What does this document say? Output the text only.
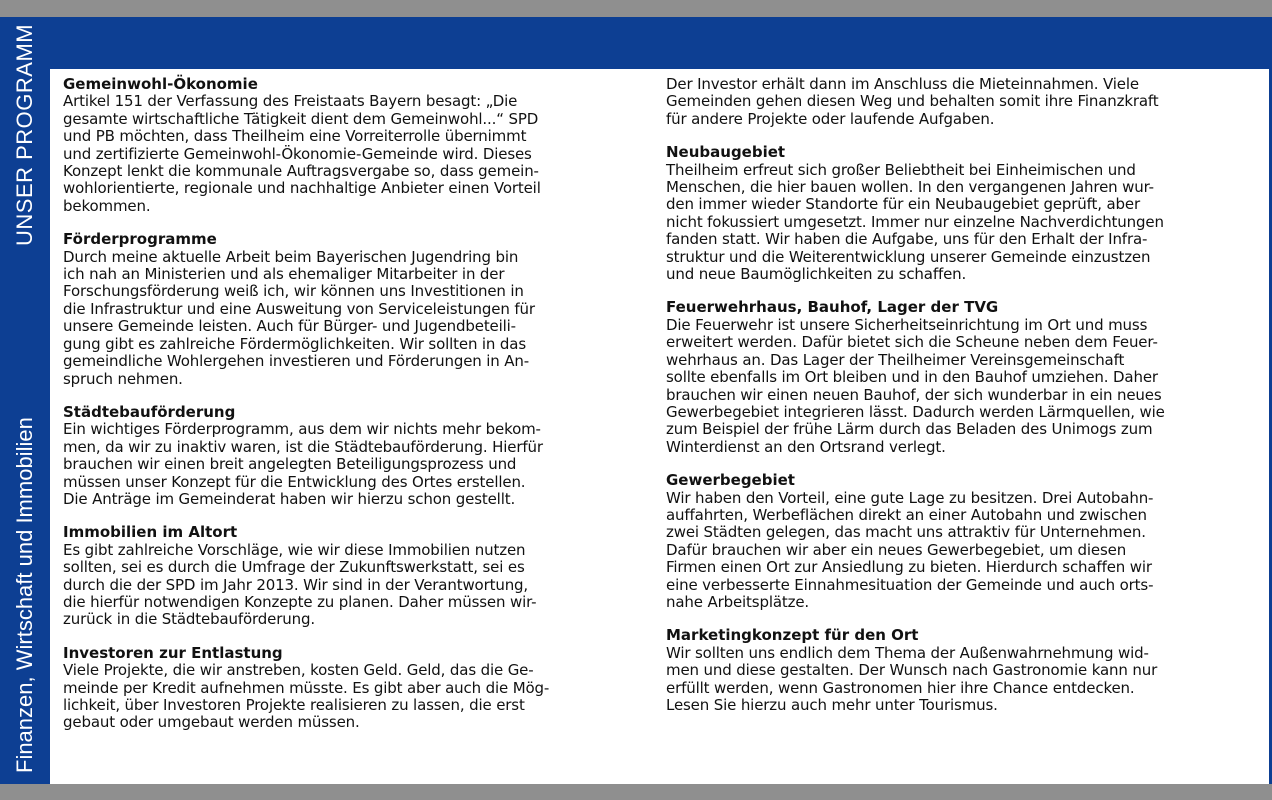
Finanzen, Wirtschaft und Immobilien
UNSER PROGRAMM Gemeinwohl-Ökonomie

Artikel 151 der Verfassung des Freistaats Bayern besagt: „Die
gesamte wirtschaftliche Tätigkeit dient dem Gemeinwohl...“ SPD
und PB möchten, dass Theilheim eine Vorreiterrolle übernimmt
und zertifizierte Gemeinwohl-Ökonomie-Gemeinde wird. Dieses
Konzept lenkt die kommunale Auftragsvergabe so, dass gemein-
wohlorientierte, regionale und nachhaltige Anbieter einen Vorteil
bekommen.

Förderprogramme

Durch meine aktuelle Arbeit beim Bayerischen Jugendring bin
ich nah an Ministerien und als ehemaliger Mitarbeiter in der
Forschungsförderung weiß ich, wir können uns Investitionen in
die Infrastruktur und eine Ausweitung von Serviceleistungen für
unsere Gemeinde leisten. Auch für Bürger- und Jugendbeteili-
gung gibt es zahlreiche Fördermöglichkeiten. Wir sollten in das
gemeindliche Wohlergehen investieren und Förderungen in An-
spruch nehmen.

Städtebauförderung

Ein wichtiges Förderprogramm, aus dem wir nichts mehr bekom-
men, da wir zu inaktiv waren, ist die Städtebauförderung. Hierfür
brauchen wir einen breit angelegten Beteiligungsprozess und
müssen unser Konzept für die Entwicklung des Ortes erstellen.
Die Anträge im Gemeinderat haben wir hierzu schon gestellt.

Immobilien im Altort

Es gibt zahlreiche Vorschläge, wie wir diese Immobilien nutzen
sollten, sei es durch die Umfrage der Zukunftswerkstatt, sei es
durch die der SPD im Jahr 2013. Wir sind in der Verantwortung,
die hierfür notwendigen Konzepte zu planen. Daher müssen wir-
zurück in die Städtebauförderung.

Investoren zur Entlastung

Viele Projekte, die wir anstreben, kosten Geld. Geld, das die Ge-
meinde per Kredit aufnehmen müsste. Es gibt aber auch die Mög-
lichkeit, über Investoren Projekte realisieren zu lassen, die erst
gebaut oder umgebaut werden müssen.

Der Investor erhält dann im Anschluss die Mieteinnahmen. Viele
Gemeinden gehen diesen Weg und behalten somit ihre Finanzkraft
für andere Projekte oder laufende Aufgaben.

Neubaugebiet

Theilheim erfreut sich großer Beliebtheit bei Einheimischen und
Menschen, die hier bauen wollen. In den vergangenen Jahren wur-
den immer wieder Standorte für ein Neubaugebiet geprüft, aber
nicht fokussiert umgesetzt. Immer nur einzelne Nachverdichtungen
fanden statt. Wir haben die Aufgabe, uns für den Erhalt der Infra-
struktur und die Weiterentwicklung unserer Gemeinde einzustzen
und neue Baumöglichkeiten zu schaffen.

Feuerwehrhaus, Bauhof, Lager der TVG

Die Feuerwehr ist unsere Sicherheitseinrichtung im Ort und muss
erweitert werden. Dafür bietet sich die Scheune neben dem Feuer-
wehrhaus an. Das Lager der Theilheimer Vereinsgemeinschaft
sollte ebenfalls im Ort bleiben und in den Bauhof umziehen. Daher
brauchen wir einen neuen Bauhof, der sich wunderbar in ein neues
Gewerbegebiet integrieren lässt. Dadurch werden Lärmquellen, wie
zum Beispiel der frühe Lärm durch das Beladen des Unimogs zum
Winterdienst an den Ortsrand verlegt.

Gewerbegebiet

Wir haben den Vorteil, eine gute Lage zu besitzen. Drei Autobahn-
auffahrten, Werbeflächen direkt an einer Autobahn und zwischen
zwei Städten gelegen, das macht uns attraktiv für Unternehmen.
Dafür brauchen wir aber ein neues Gewerbegebiet, um diesen
Firmen einen Ort zur Ansiedlung zu bieten. Hierdurch schaffen wir
eine verbesserte Einnahmesituation der Gemeinde und auch orts-
nahe Arbeitsplätze.

Marketingkonzept für den Ort

Wir sollten uns endlich dem Thema der Außenwahrnehmung wid-
men und diese gestalten. Der Wunsch nach Gastronomie kann nur
erfüllt werden, wenn Gastronomen hier ihre Chance entdecken.
Lesen Sie hierzu auch mehr unter Tourismus.
